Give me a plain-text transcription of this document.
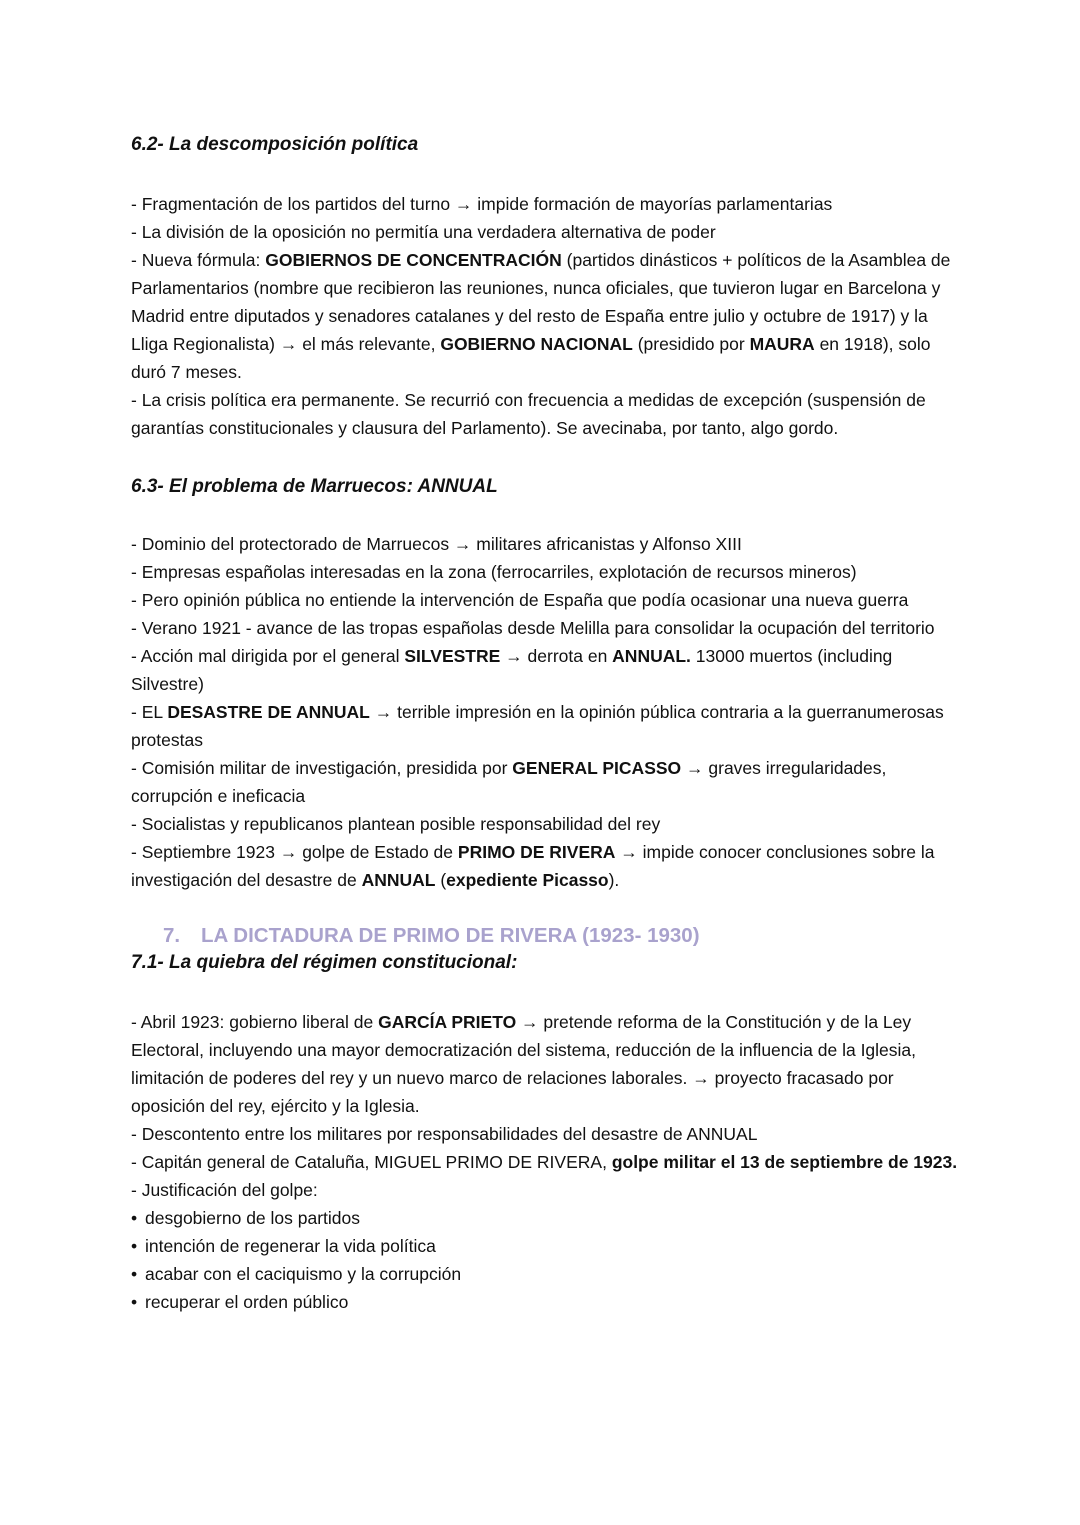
6.2- La descomposición política

- Fragmentación de los partidos del turno → impide formación de mayorías parlamentarias

- La división de la oposición no permitía una verdadera alternativa de poder

- Nueva fórmula: GOBIERNOS DE CONCENTRACIÓN (partidos dinásticos + políticos de la Asamblea de Parlamentarios (nombre que recibieron las reuniones, nunca oficiales, que tuvieron lugar en Barcelona y Madrid entre diputados y senadores catalanes y del resto de España entre julio y octubre de 1917) y la Lliga Regionalista) → el más relevante, GOBIERNO NACIONAL (presidido por MAURA en 1918), solo duró 7 meses.

- La crisis política era permanente. Se recurrió con frecuencia a medidas de excepción (suspensión de garantías constitucionales y clausura del Parlamento). Se avecinaba, por tanto, algo gordo.

6.3- El problema de Marruecos: ANNUAL

- Dominio del protectorado de Marruecos → militares africanistas y Alfonso XIII

- Empresas españolas interesadas en la zona (ferrocarriles, explotación de recursos mineros)

- Pero opinión pública no entiende la intervención de España que podía ocasionar una nueva guerra

- Verano 1921 - avance de las tropas españolas desde Melilla para consolidar la ocupación del territorio

- Acción mal dirigida por el general SILVESTRE → derrota en ANNUAL. 13000 muertos (including Silvestre)

- EL DESASTRE DE ANNUAL → terrible impresión en la opinión pública contraria a la guerranumerosas protestas

- Comisión militar de investigación, presidida por GENERAL PICASSO → graves irregularidades, corrupción e ineficacia

- Socialistas y republicanos plantean posible responsabilidad del rey

- Septiembre 1923 → golpe de Estado de PRIMO DE RIVERA → impide conocer conclusiones sobre la investigación del desastre de ANNUAL (expediente Picasso).

7. LA DICTADURA DE PRIMO DE RIVERA (1923- 1930)
7.1- La quiebra del régimen constitucional:

- Abril 1923: gobierno liberal de GARCÍA PRIETO → pretende reforma de la Constitución y de la Ley Electoral, incluyendo una mayor democratización del sistema, reducción de la influencia de la Iglesia, limitación de poderes del rey y un nuevo marco de relaciones laborales. → proyecto fracasado por oposición del rey, ejército y la Iglesia.

- Descontento entre los militares por responsabilidades del desastre de ANNUAL

- Capitán general de Cataluña, MIGUEL PRIMO DE RIVERA, golpe militar el 13 de septiembre de 1923.

- Justificación del golpe:

• desgobierno de los partidos

• intención de regenerar la vida política

• acabar con el caciquismo y la corrupción

• recuperar el orden público
